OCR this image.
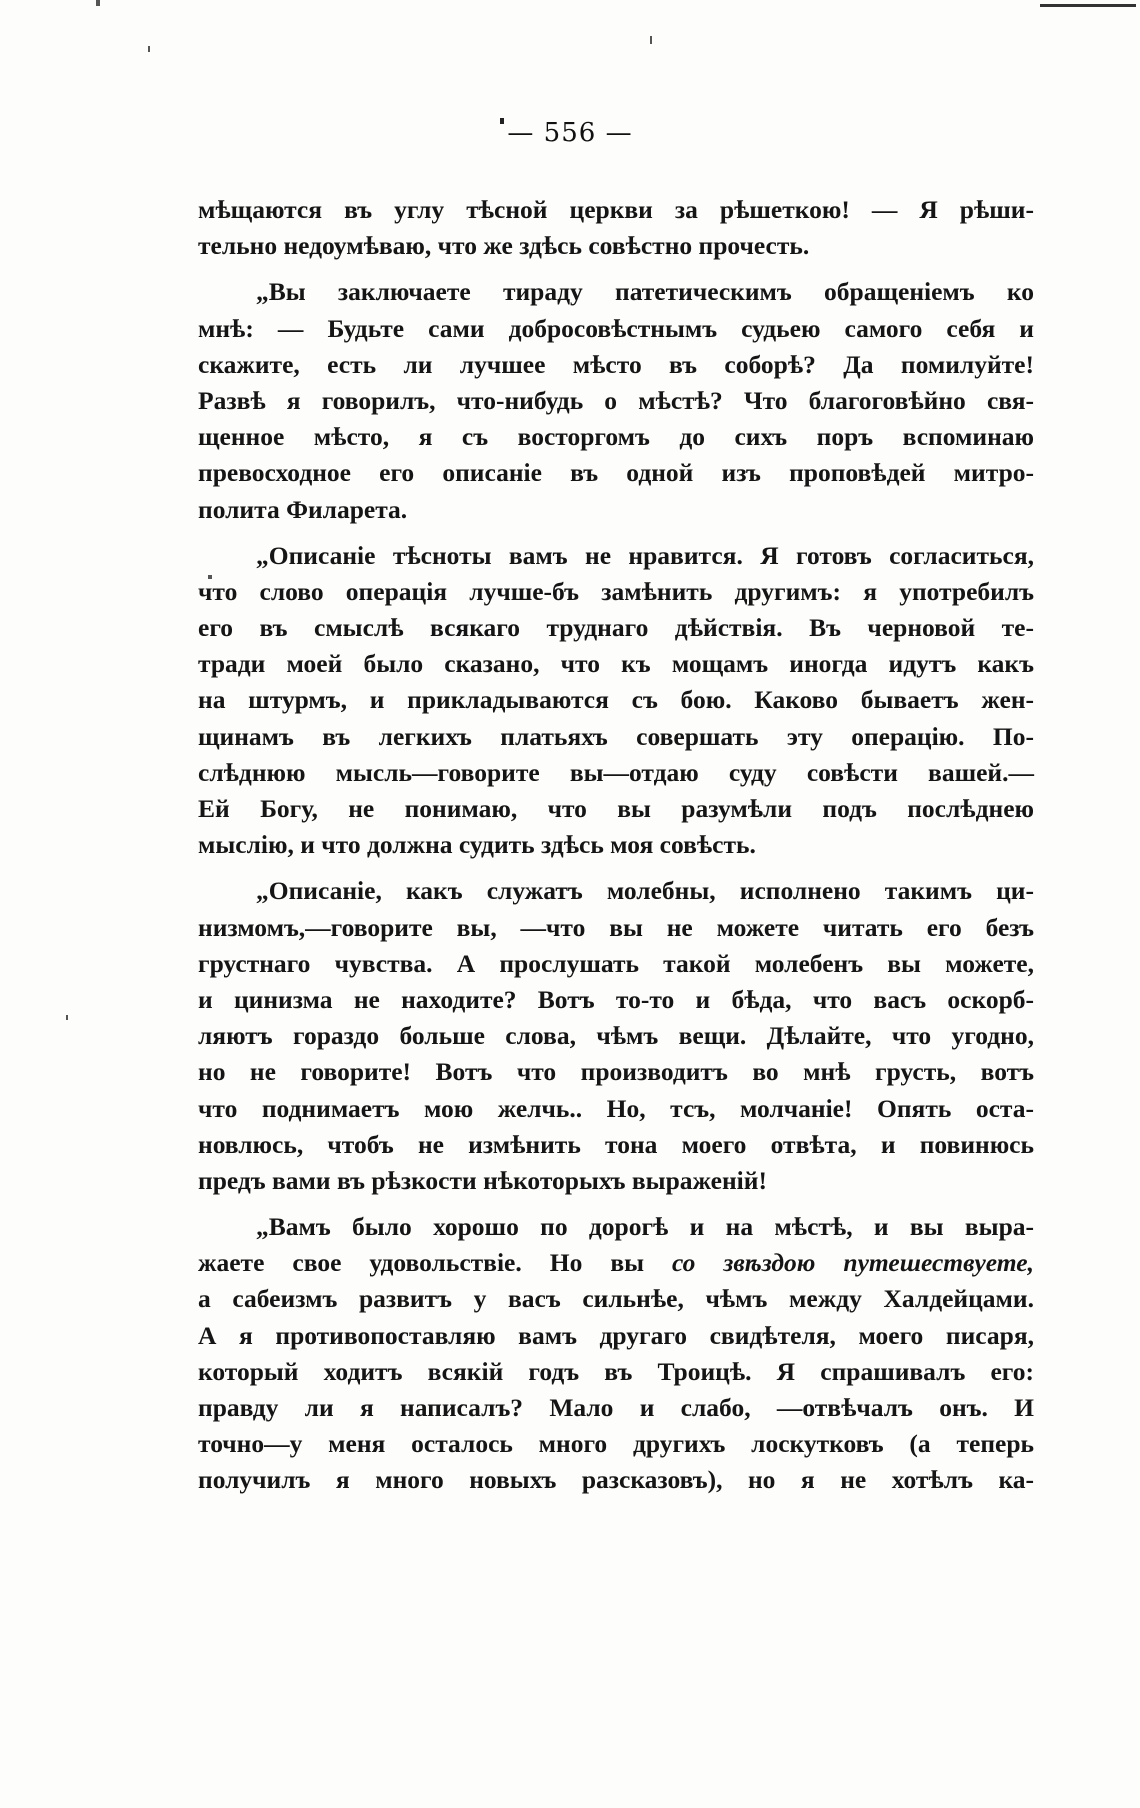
— 556 —
мѣщаются въ углу тѣсной церкви за рѣшеткою! — Я рѣши-
тельно недоумѣваю, что же здѣсь совѣстно прочесть.
„Вы заключаете тираду патетическимъ обращеніемъ ко
мнѣ: — Будьте сами добросовѣстнымъ судьею самого себя и
скажите, есть ли лучшее мѣсто въ соборѣ? Да помилуйте!
Развѣ я говорилъ, что-нибудь о мѣстѣ? Что благоговѣйно свя-
щенное мѣсто, я съ восторгомъ до сихъ поръ вспоминаю
превосходное его описаніе въ одной изъ проповѣдей митро-
полита Филарета.
„Описаніе тѣсноты вамъ не нравится. Я готовъ согласиться,
что слово операція лучше-бъ замѣнить другимъ: я употребилъ
его въ смыслѣ всякаго труднаго дѣйствія. Въ черновой те-
тради моей было сказано, что къ мощамъ иногда идутъ какъ
на штурмъ, и прикладываются съ бою. Каково бываетъ жен-
щинамъ въ легкихъ платьяхъ совершать эту операцію. По-
слѣднюю мысль—говорите вы—отдаю суду совѣсти вашей.—
Ей Богу, не понимаю, что вы разумѣли подъ послѣднею
мыслію, и что должна судить здѣсь моя совѣсть.
„Описаніе, какъ служатъ молебны, исполнено такимъ ци-
низмомъ,—говорите вы, —что вы не можете читать его безъ
грустнаго чувства. А прослушать такой молебенъ вы можете,
и цинизма не находите? Вотъ то-то и бѣда, что васъ оскорб-
ляютъ гораздо больше слова, чѣмъ вещи. Дѣлайте, что угодно,
но не говорите! Вотъ что производитъ во мнѣ грусть, вотъ
что поднимаетъ мою желчь.. Но, тсъ, молчаніе! Опять оста-
новлюсь, чтобъ не измѣнить тона моего отвѣта, и повинюсь
предъ вами въ рѣзкости нѣкоторыхъ выраженій!
„Вамъ было хорошо по дорогѣ и на мѣстѣ, и вы выра-
жаете свое удовольствіе. Но вы со звѣздою путешествуете,
а сабеизмъ развитъ у васъ сильнѣе, чѣмъ между Халдейцами.
А я противопоставляю вамъ другаго свидѣтеля, моего писаря,
который ходитъ всякій годъ въ Троицѣ. Я спрашивалъ его:
правду ли я написалъ? Мало и слабо, —отвѣчалъ онъ. И
точно—у меня осталось много другихъ лоскутковъ (а теперь
получилъ я много новыхъ разсказовъ), но я не хотѣлъ ка-
